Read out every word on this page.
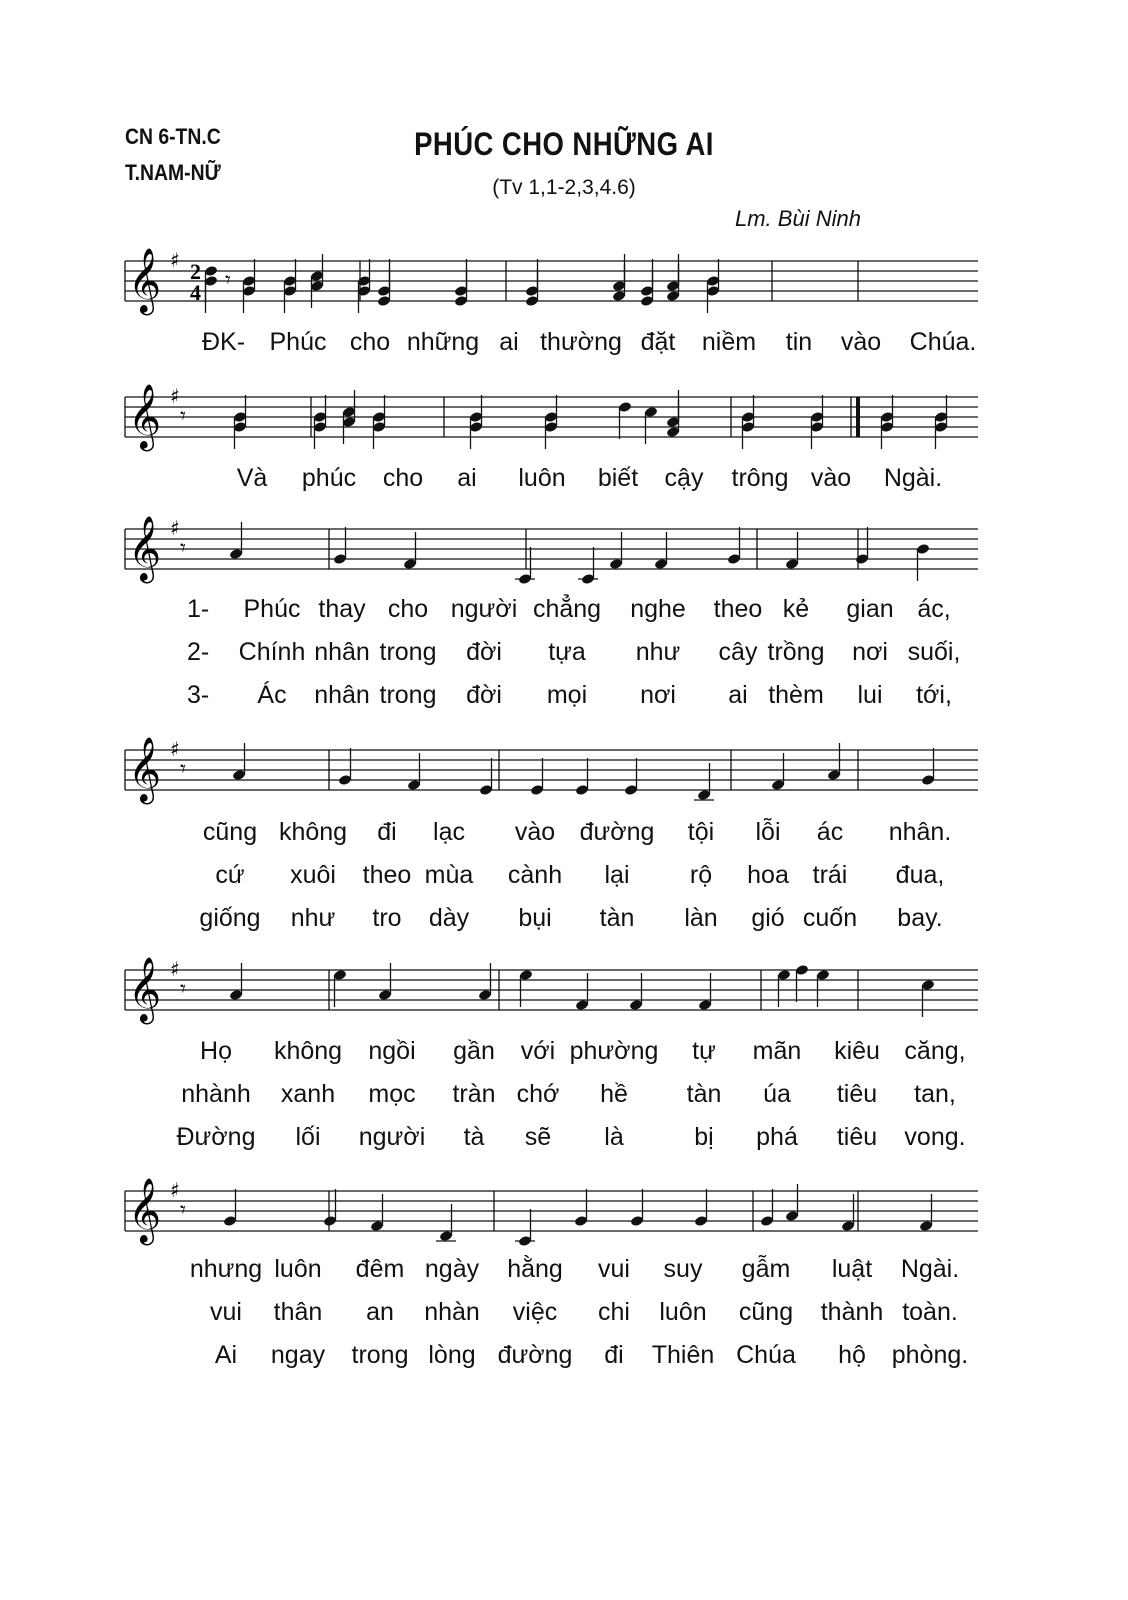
CN 6-TN.C
T.NAM-NỮ
PHÚC CHO NHỮNG AI
(Tv 1,1-2,3,4.6)
Lm. Bùi Ninh
𝄞 ♯ 2
4 𝄾
𝄞 ♯
𝄾
𝄞 ♯
𝄾
𝄞 ♯
𝄾
𝄞 ♯
𝄾
𝄞 ♯
𝄾
ĐK- Phúc cho những ai thường đặt niềm tin vào Chúa.
Và phúc cho ai luôn biết cậy trông vào Ngài.
1- Phúc thay cho người chẳng nghe theo kẻ gian ác,
2- Chính nhân trong đời tựa như cây trồng nơi suối,
3- Ác nhân trong đời mọi nơi ai thèm lui tới,
cũng không đi lạc vào đường tội lỗi ác nhân.
cứ xuôi theo mùa cành lại rộ hoa trái đua,
giống như tro dày bụi tàn làn gió cuốn bay.
Họ không ngồi gần với phường tự mãn kiêu căng,
nhành xanh mọc tràn chớ hề tàn úa tiêu tan,
Đường lối người tà sẽ là	bị phá tiêu vong.
nhưng luôn đêm ngày hằng vui suy gẫm luật Ngài.
vui thân an nhàn việc chi luôn cũng thành toàn.
Ai ngay trong lòng đường đi Thiên Chúa hộ phòng.
